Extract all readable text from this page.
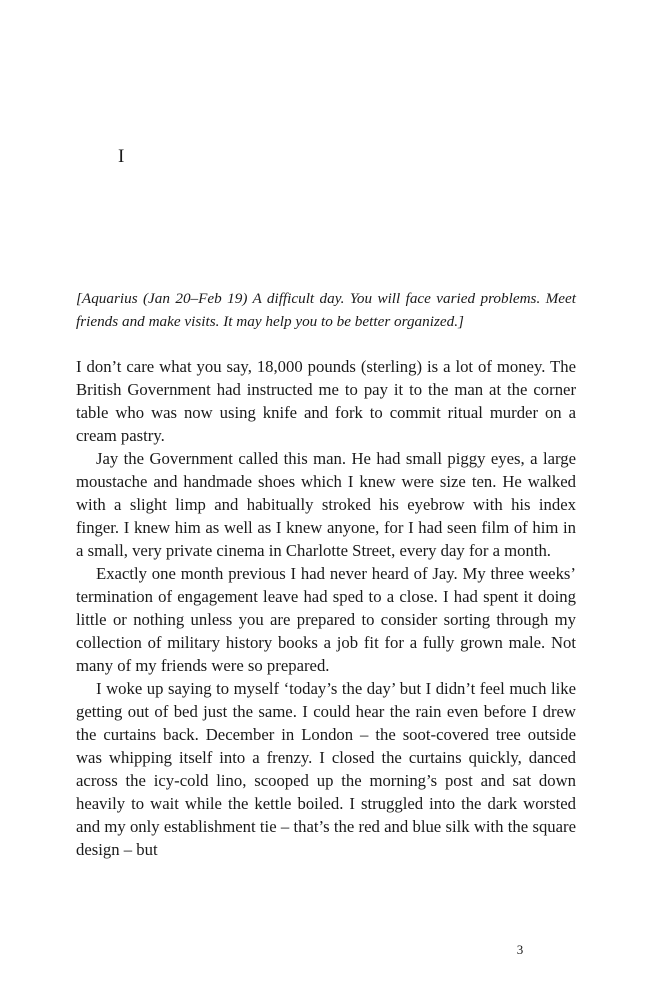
I

[Aquarius (Jan 20–Feb 19) A difficult day. You will face varied problems. Meet friends and make visits. It may help you to be better organized.]

I don’t care what you say, 18,000 pounds (sterling) is a lot of money. The British Government had instructed me to pay it to the man at the corner table who was now using knife and fork to commit ritual murder on a cream pastry.

Jay the Government called this man. He had small piggy eyes, a large moustache and handmade shoes which I knew were size ten. He walked with a slight limp and habitually stroked his eyebrow with his index finger. I knew him as well as I knew anyone, for I had seen film of him in a small, very private cinema in Charlotte Street, every day for a month.

Exactly one month previous I had never heard of Jay. My three weeks’ termination of engagement leave had sped to a close. I had spent it doing little or nothing unless you are prepared to consider sorting through my collection of military history books a job fit for a fully grown male. Not many of my friends were so prepared.

I woke up saying to myself ‘today’s the day’ but I didn’t feel much like getting out of bed just the same. I could hear the rain even before I drew the curtains back. December in London – the soot-covered tree outside was whipping itself into a frenzy. I closed the curtains quickly, danced across the icy-cold lino, scooped up the morning’s post and sat down heavily to wait while the kettle boiled. I struggled into the dark worsted and my only establishment tie – that’s the red and blue silk with the square design – but

3
